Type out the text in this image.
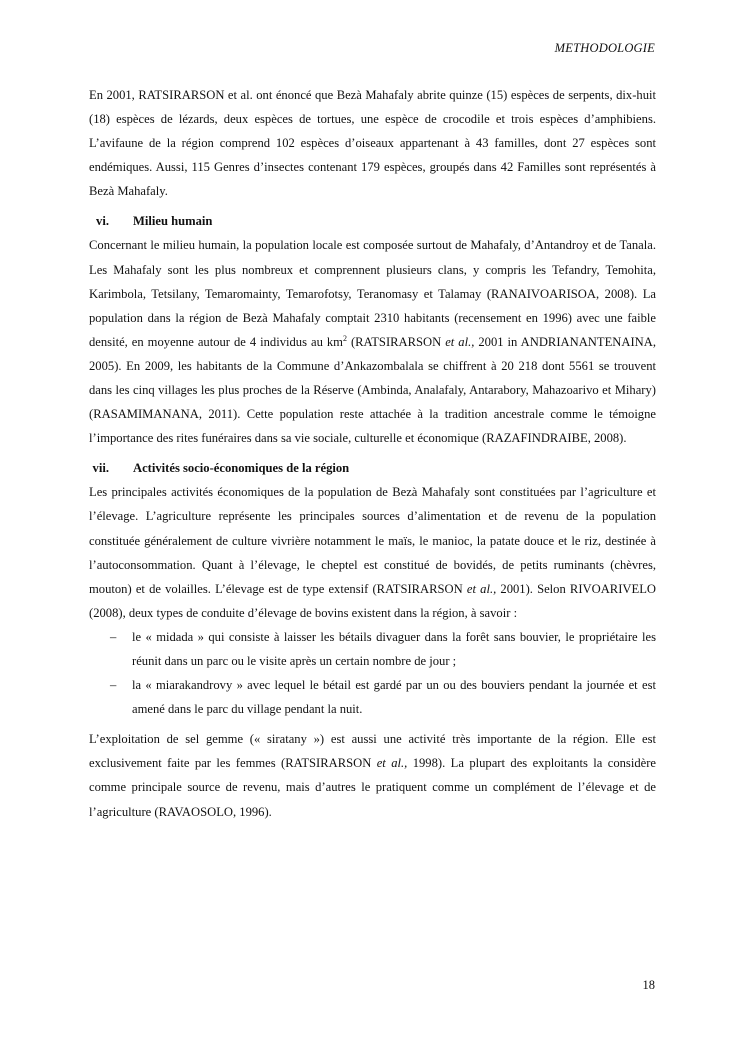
METHODOLOGIE

En 2001, RATSIRARSON et al. ont énoncé que Bezà Mahafaly abrite quinze (15) espèces de serpents, dix-huit (18) espèces de lézards, deux espèces de tortues, une espèce de crocodile et trois espèces d’amphibiens. L’avifaune de la région comprend 102 espèces d’oiseaux appartenant à 43 familles, dont 27 espèces sont endémiques. Aussi, 115 Genres d’insectes contenant 179 espèces, groupés dans 42 Familles sont représentés à Bezà Mahafaly.

vi.	Milieu humain

Concernant le milieu humain, la population locale est composée surtout de Mahafaly, d’Antandroy et de Tanala. Les Mahafaly sont les plus nombreux et comprennent plusieurs clans, y compris les Tefandry, Temohita, Karimbola, Tetsilany, Temaromainty, Temarofotsy, Teranomasy et Talamay (RANAIVOARISOA, 2008). La population dans la région de Bezà Mahafaly comptait 2310 habitants (recensement en 1996) avec une faible densité, en moyenne autour de 4 individus au $km^2$ (RATSIRARSON et al., 2001 in ANDRIANANTENAINA, 2005). En 2009, les habitants de la Commune d’Ankazombalala se chiffrent à 20 218 dont 5561 se trouvent dans les cinq villages les plus proches de la Réserve (Ambinda, Analafaly, Antarabory, Mahazoarivo et Mihary) (RASAMIMANANA, 2011). Cette population reste attachée à la tradition ancestrale comme le témoigne l’importance des rites funéraires dans sa vie sociale, culturelle et économique (RAZAFINDRAIBE, 2008).

vii.	Activités socio-économiques de la région

Les principales activités économiques de la population de Bezà Mahafaly sont constituées par l’agriculture et l’élevage. L’agriculture représente les principales sources d’alimentation et de revenu de la population constituée généralement de culture vivrière notamment le maïs, le manioc, la patate douce et le riz, destinée à l’autoconsommation. Quant à l’élevage, le cheptel est constitué de bovidés, de petits ruminants (chèvres, mouton) et de volailles. L’élevage est de type extensif (RATSIRARSON et al., 2001). Selon RIVOARIVELO (2008), deux types de conduite d’élevage de bovins existent dans la région, à savoir :

–	le « midada » qui consiste à laisser les bétails divaguer dans la forêt sans bouvier, le propriétaire les réunit dans un parc ou le visite après un certain nombre de jour ;
–	la « miarakandrovy » avec lequel le bétail est gardé par un ou des bouviers pendant la journée et est amené dans le parc du village pendant la nuit.

L’exploitation de sel gemme (« siratany ») est aussi une activité très importante de la région. Elle est exclusivement faite par les femmes (RATSIRARSON et al., 1998). La plupart des exploitants la considère comme principale source de revenu, mais d’autres le pratiquent comme un complément de l’élevage et de l’agriculture (RAVAOSOLO, 1996).

18
